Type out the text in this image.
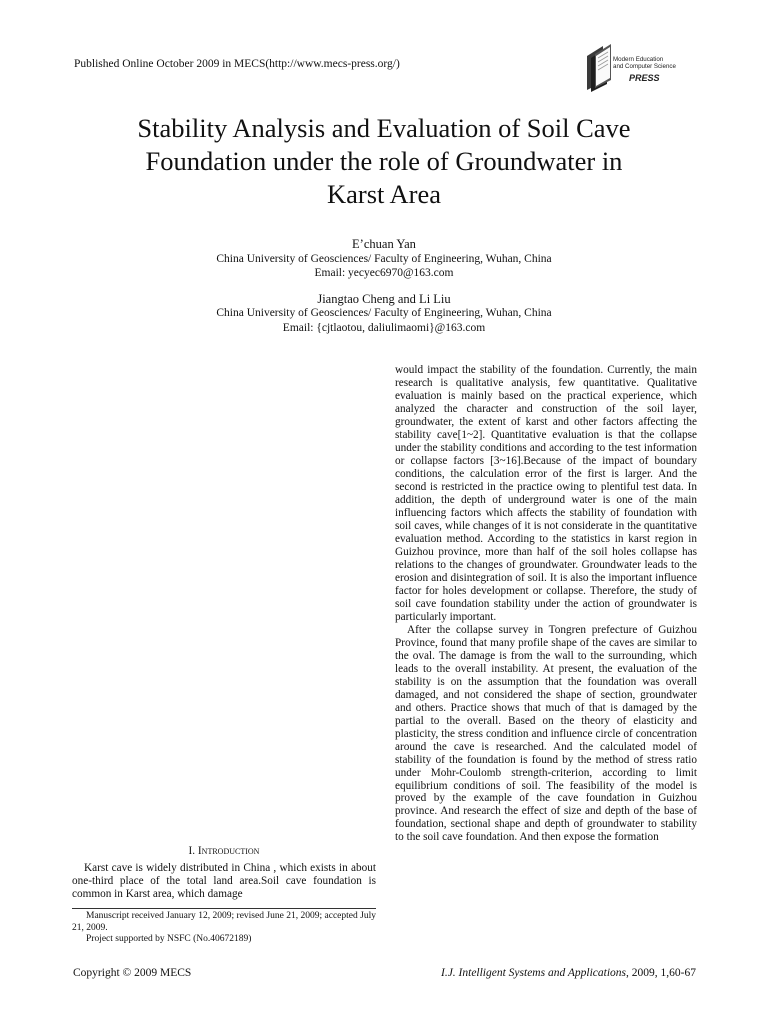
Published Online October 2009 in MECS(http://www.mecs-press.org/)	Modern Education
and Computer Science
PRESS
Stability Analysis and Evaluation of Soil Cave
Foundation under the role of Groundwater in
Karst Area
E’chuan Yan
China University of Geosciences/ Faculty of Engineering, Wuhan, China
Email: yecyec6970@163.com
Jiangtao Cheng and Li Liu
China University of Geosciences/ Faculty of Engineering, Wuhan, China
Email: {cjtlaotou, daliulimaomi}@163.com

would impact the stability of the foundation. Currently, the main research is qualitative analysis, few quantitative. Qualitative evaluation is mainly based on the practical experience, which analyzed the character and construction of the soil layer, groundwater, the extent of karst and other factors affecting the stability cave[1~2]. Quantitative evaluation is that the collapse under the stability conditions and according to the test information or collapse factors [3~16].Because of the impact of boundary conditions, the calculation error of the first is larger. And the second is restricted in the practice owing to plentiful test data. In addition, the depth of underground water is one of the main influencing factors which affects the stability of foundation with soil caves, while changes of it is not considerate in the quantitative evaluation method. According to the statistics in karst region in Guizhou province, more than half of the soil holes collapse has relations to the changes of groundwater. Groundwater leads to the erosion and disintegration of soil. It is also the important influence factor for holes development or collapse. Therefore, the study of soil cave foundation stability under the action of groundwater is particularly important.

After the collapse survey in Tongren prefecture of Guizhou Province, found that many profile shape of the caves are similar to the oval. The damage is from the wall to the surrounding, which leads to the overall instability. At present, the evaluation of the stability is on the assumption that the foundation was overall damaged, and not considered the shape of section, groundwater and others. Practice shows that much of that is damaged by the partial to the overall. Based on the theory of elasticity and plasticity, the stress condition and influence circle of concentration around the cave is researched. And the calculated model of stability of the foundation is found by the method of stress ratio under Mohr-Coulomb strength-criterion, according to limit equilibrium conditions of soil. The feasibility of the model is proved by the example of the cave foundation in Guizhou province. And research the effect of size and depth of the base of foundation, sectional shape and depth of groundwater to stability to the soil cave foundation. And then expose the formation

I. Introduction

Karst cave is widely distributed in China , which exists in about one-third place of the total land area.Soil cave foundation is common in Karst area, which damage

Manuscript received January 12, 2009; revised June 21, 2009; accepted July 21, 2009.

Project supported by NSFC (No.40672189)

Copyright © 2009 MECS	I.J. Intelligent Systems and Applications, 2009, 1,60-67
